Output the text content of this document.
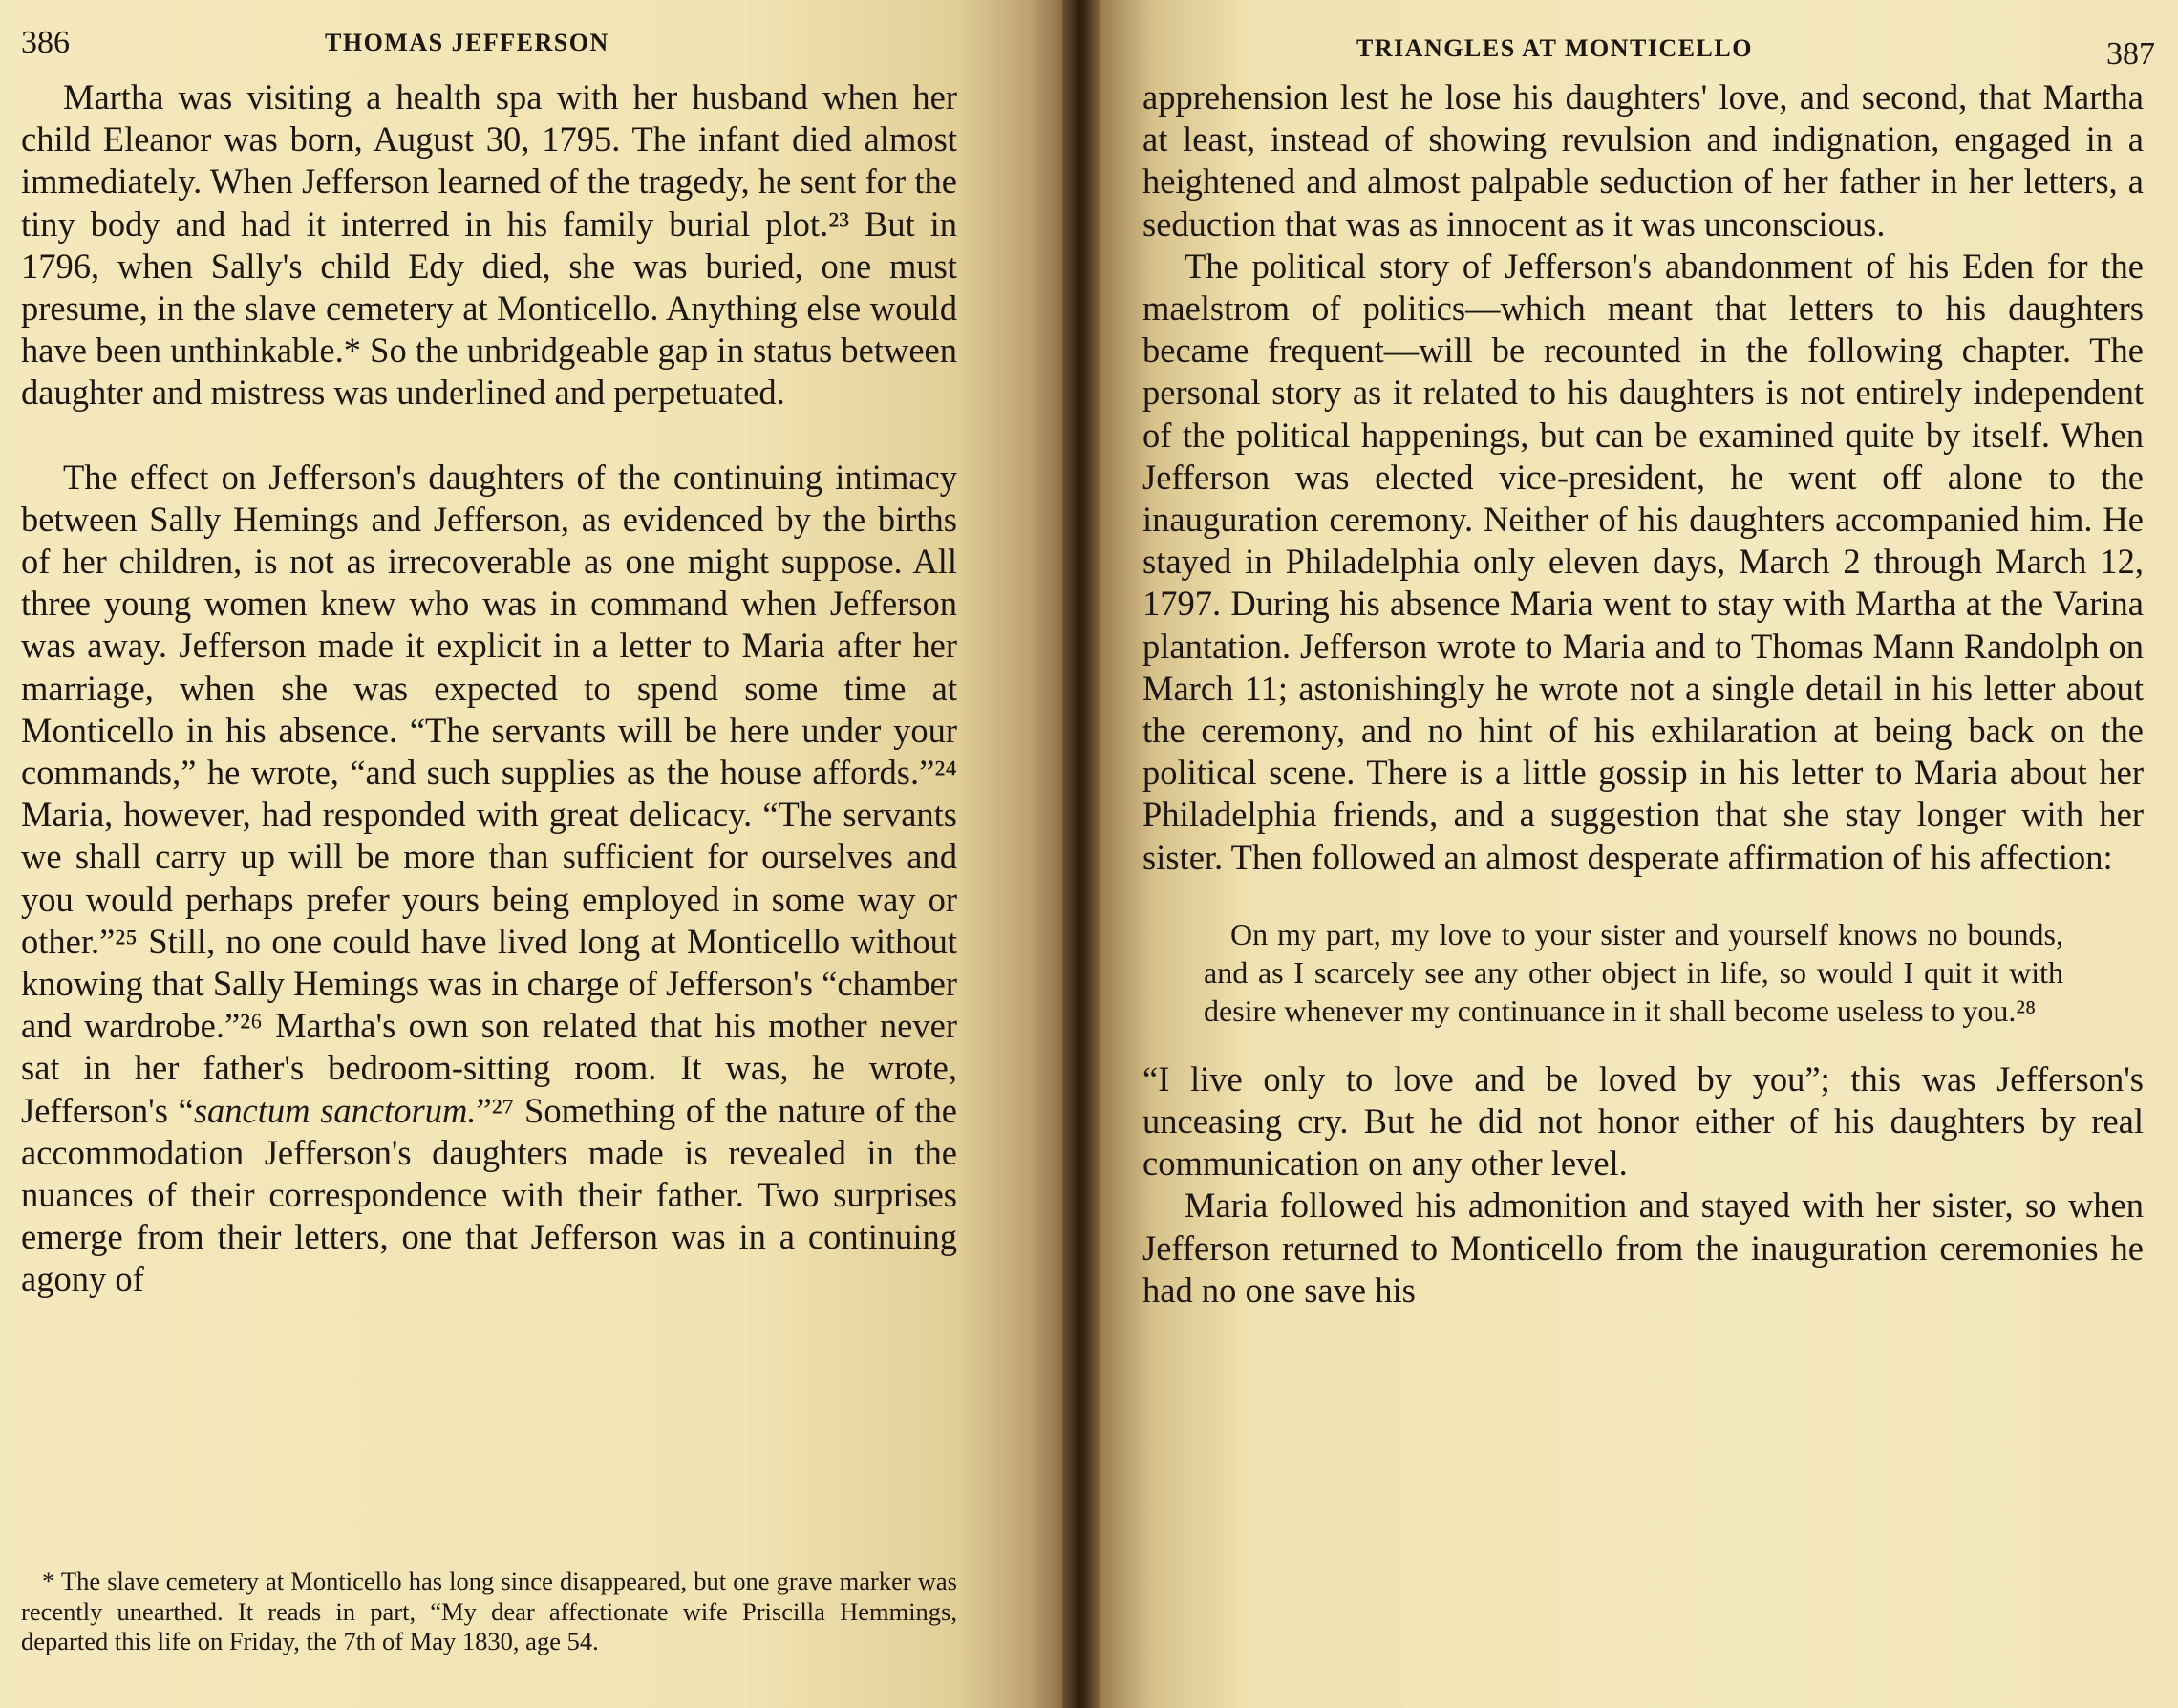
386	THOMAS JEFFERSON

Martha was visiting a health spa with her husband when her child Eleanor was born, August 30, 1795. The infant died almost immediately. When Jefferson learned of the tragedy, he sent for the tiny body and had it interred in his family burial plot.²³ But in 1796, when Sally's child Edy died, she was buried, one must presume, in the slave cemetery at Monticello. Anything else would have been unthinkable.* So the unbridgeable gap in status between daughter and mistress was underlined and perpetuated.

The effect on Jefferson's daughters of the continuing intimacy between Sally Hemings and Jefferson, as evidenced by the births of her children, is not as irrecoverable as one might suppose. All three young women knew who was in command when Jefferson was away. Jefferson made it explicit in a letter to Maria after her marriage, when she was expected to spend some time at Monticello in his absence. “The servants will be here under your commands,” he wrote, “and such supplies as the house affords.”²⁴ Maria, however, had responded with great delicacy. “The servants we shall carry up will be more than sufficient for ourselves and you would perhaps prefer yours being employed in some way or other.”²⁵ Still, no one could have lived long at Monticello without knowing that Sally Hemings was in charge of Jefferson's “chamber and wardrobe.”²⁶ Martha's own son related that his mother never sat in her father's bedroom-sitting room. It was, he wrote, Jefferson's “sanctum sanctorum.”²⁷ Something of the nature of the accommodation Jefferson's daughters made is revealed in the nuances of their correspondence with their father. Two surprises emerge from their letters, one that Jefferson was in a continuing agony of

* The slave cemetery at Monticello has long since disappeared, but one grave marker was recently unearthed. It reads in part, “My dear affectionate wife Priscilla Hemmings, departed this life on Friday, the 7th of May 1830, age 54.

TRIANGLES AT MONTICELLO	387

apprehension lest he lose his daughters' love, and second, that Martha at least, instead of showing revulsion and indignation, engaged in a heightened and almost palpable seduction of her father in her letters, a seduction that was as innocent as it was unconscious.

The political story of Jefferson's abandonment of his Eden for the maelstrom of politics—which meant that letters to his daughters became frequent—will be recounted in the following chapter. The personal story as it related to his daughters is not entirely independent of the political happenings, but can be examined quite by itself. When Jefferson was elected vice-president, he went off alone to the inauguration ceremony. Neither of his daughters accompanied him. He stayed in Philadelphia only eleven days, March 2 through March 12, 1797. During his absence Maria went to stay with Martha at the Varina plantation. Jefferson wrote to Maria and to Thomas Mann Randolph on March 11; astonishingly he wrote not a single detail in his letter about the ceremony, and no hint of his exhilaration at being back on the political scene. There is a little gossip in his letter to Maria about her Philadelphia friends, and a suggestion that she stay longer with her sister. Then followed an almost desperate affirmation of his affection:

On my part, my love to your sister and yourself knows no bounds, and as I scarcely see any other object in life, so would I quit it with desire whenever my continuance in it shall become useless to you.²⁸

“I live only to love and be loved by you”; this was Jefferson's unceasing cry. But he did not honor either of his daughters by real communication on any other level.

Maria followed his admonition and stayed with her sister, so when Jefferson returned to Monticello from the inauguration ceremonies he had no one save his
